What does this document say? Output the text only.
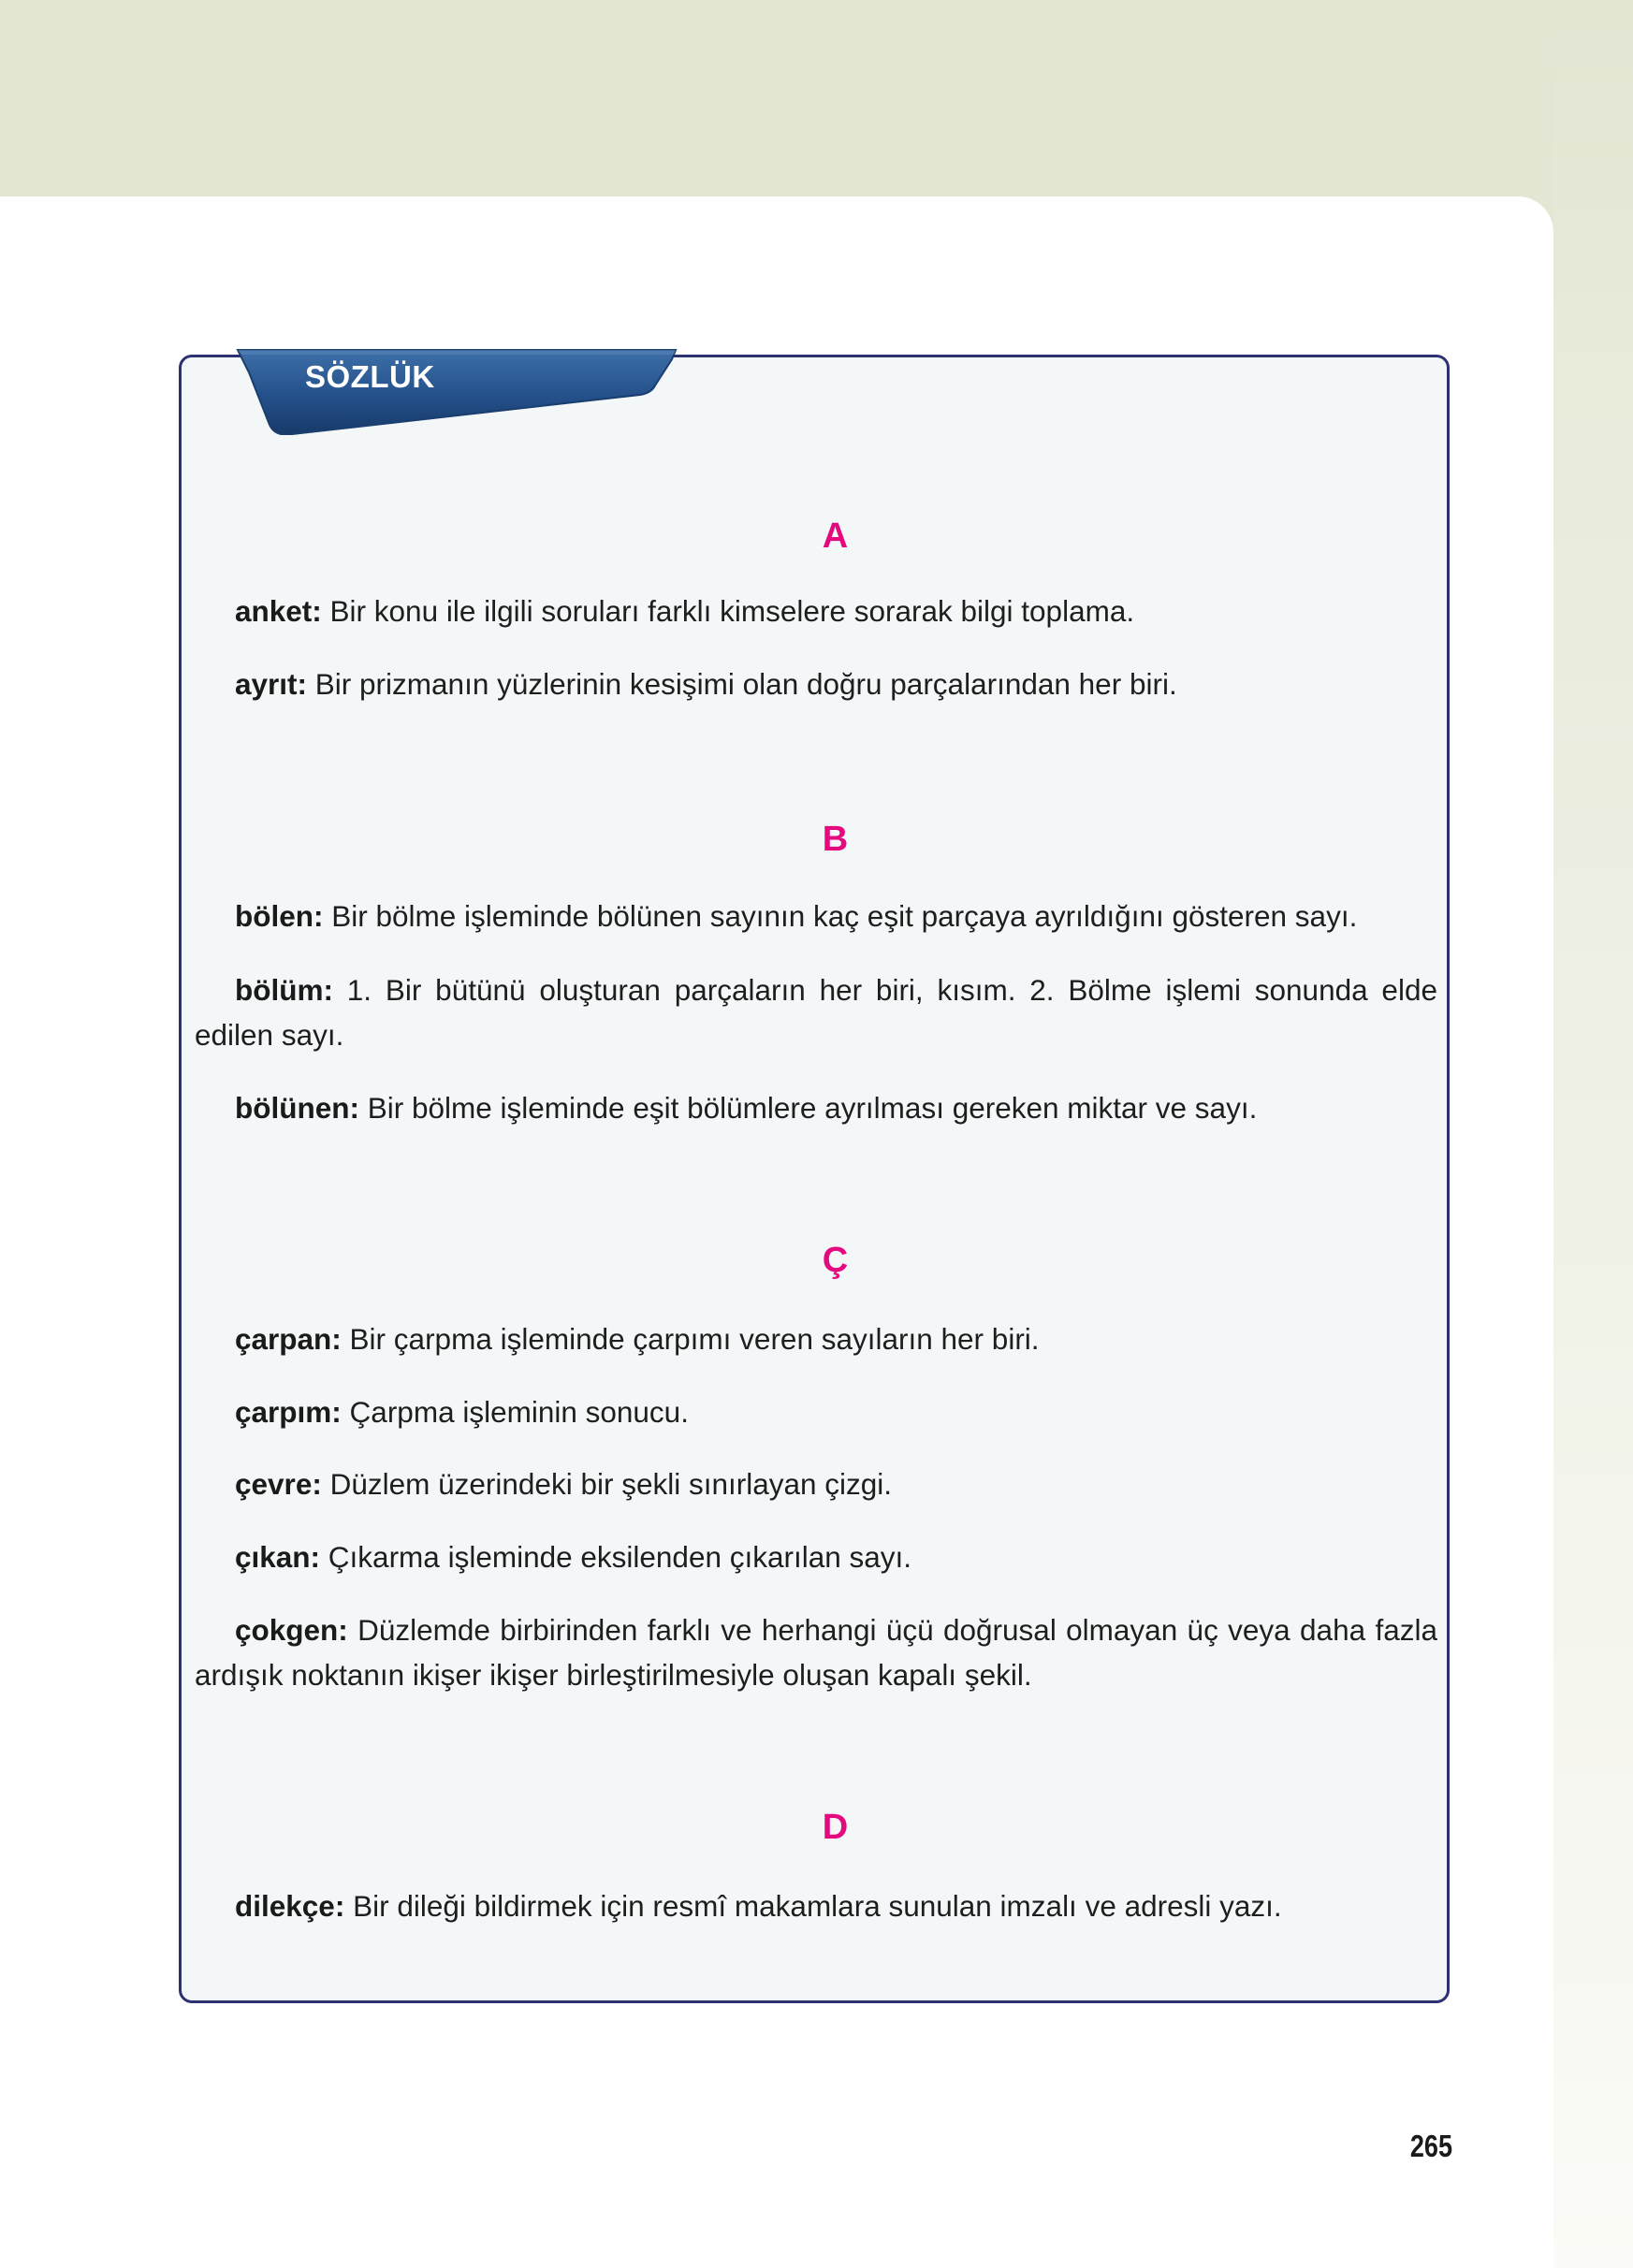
SÖZLÜK
A

anket: Bir konu ile ilgili soruları farklı kimselere sorarak bilgi toplama.

ayrıt: Bir prizmanın yüzlerinin kesişimi olan doğru parçalarından her biri.

B

bölen: Bir bölme işleminde bölünen sayının kaç eşit parçaya ayrıldığını gösteren sayı.

bölüm: 1. Bir bütünü oluşturan parçaların her biri, kısım. 2. Bölme işlemi sonunda elde edilen sayı.

bölünen: Bir bölme işleminde eşit bölümlere ayrılması gereken miktar ve sayı.

Ç

çarpan: Bir çarpma işleminde çarpımı veren sayıların her biri.

çarpım: Çarpma işleminin sonucu.

çevre: Düzlem üzerindeki bir şekli sınırlayan çizgi.

çıkan: Çıkarma işleminde eksilenden çıkarılan sayı.

çokgen: Düzlemde birbirinden farklı ve herhangi üçü doğrusal olmayan üç veya daha fazla ardışık noktanın ikişer ikişer birleştirilmesiyle oluşan kapalı şekil.

D

dilekçe: Bir dileği bildirmek için resmî makamlara sunulan imzalı ve adresli yazı.

265
